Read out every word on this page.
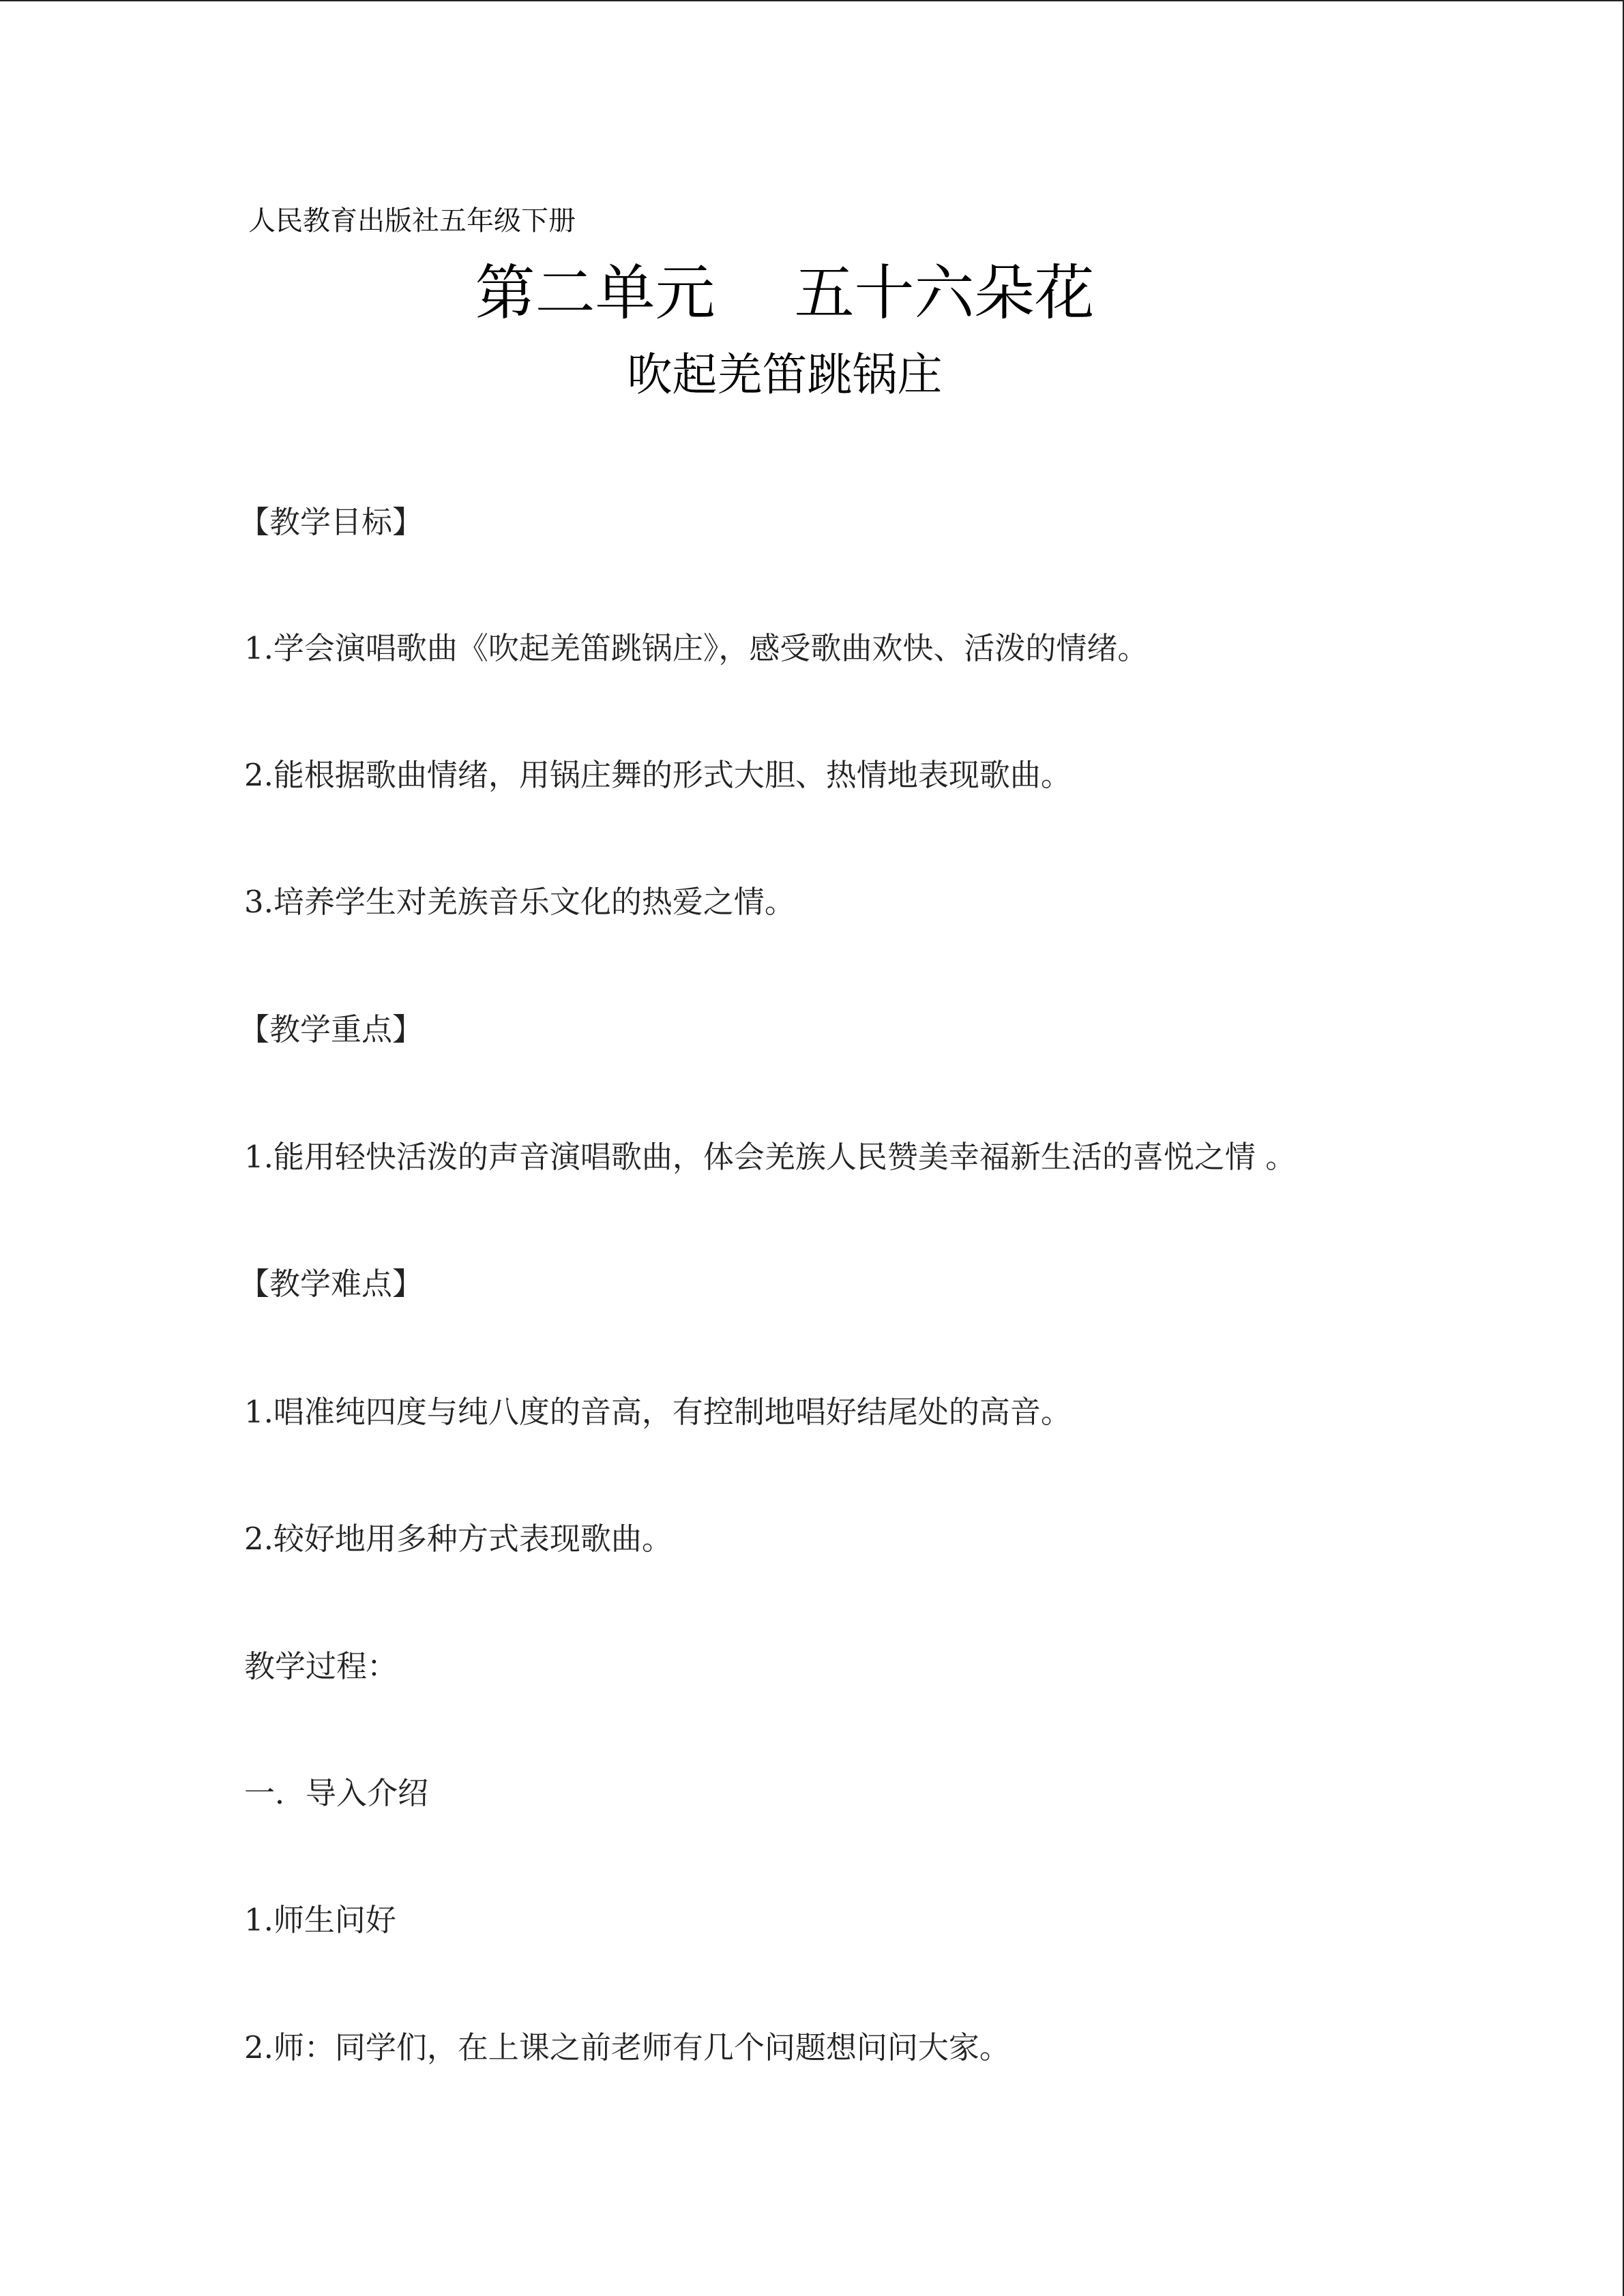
人民教育出版社五年级下册
第二单元　 五十六朵花
吹起羌笛跳锅庄
【教学目标】
1.学会演唱歌曲《吹起羌笛跳锅庄》，感受歌曲欢快、活泼的情绪。
2.能根据歌曲情绪，用锅庄舞的形式大胆、热情地表现歌曲。
3.培养学生对羌族音乐文化的热爱之情。
【教学重点】
1.能用轻快活泼的声音演唱歌曲，体会羌族人民赞美幸福新生活的喜悦之情 。
【教学难点】
1.唱准纯四度与纯八度的音高，有控制地唱好结尾处的高音。
2.较好地用多种方式表现歌曲。
教学过程：
一．导入介绍
1.师生问好
2.师：同学们，在上课之前老师有几个问题想问问大家。
